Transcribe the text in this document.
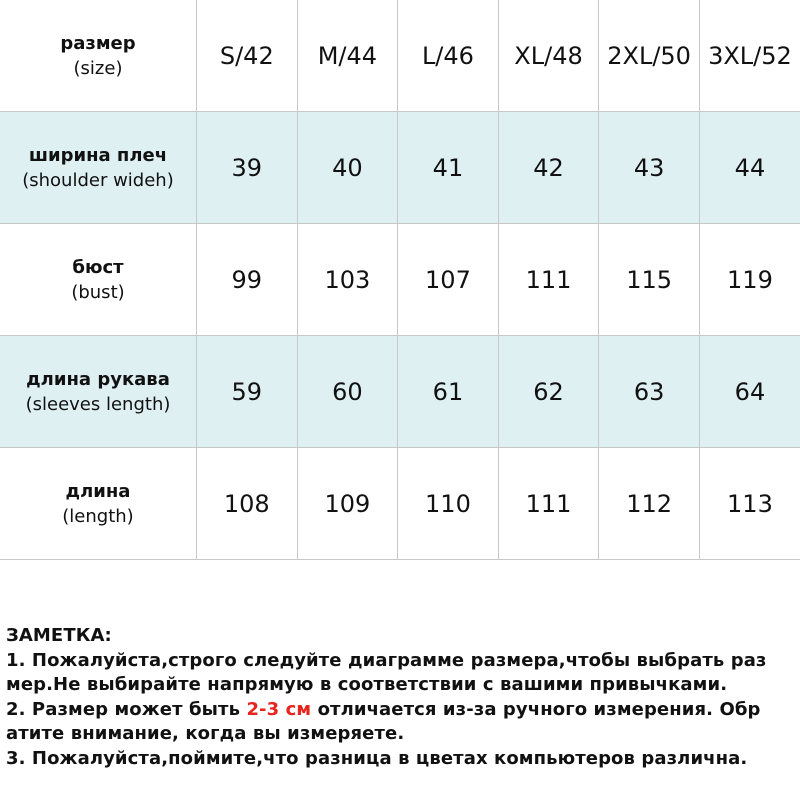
размер
(size)	S/42	M/44	L/46	XL/48	2XL/50	3XL/52

ширина плеч
(shoulder wideh)	39	40	41	42	43	44

бюст
(bust)	99	103	107	111	115	119

длина рукава
(sleeves length)	59	60	61	62	63	64

длина
(length)	108	109	110	111	112	113
ЗАМЕТКА:
1. Пожалуйста,строго следуйте диаграмме размера,чтобы выбрать раз
мер.Не выбирайте напрямую в соответствии с вашими привычками.
2. Размер может быть 2-3 см отличается из-за ручного измерения. Обр
атите внимание, когда вы измеряете.
3. Пожалуйста,поймите,что разница в цветах компьютеров различна.
